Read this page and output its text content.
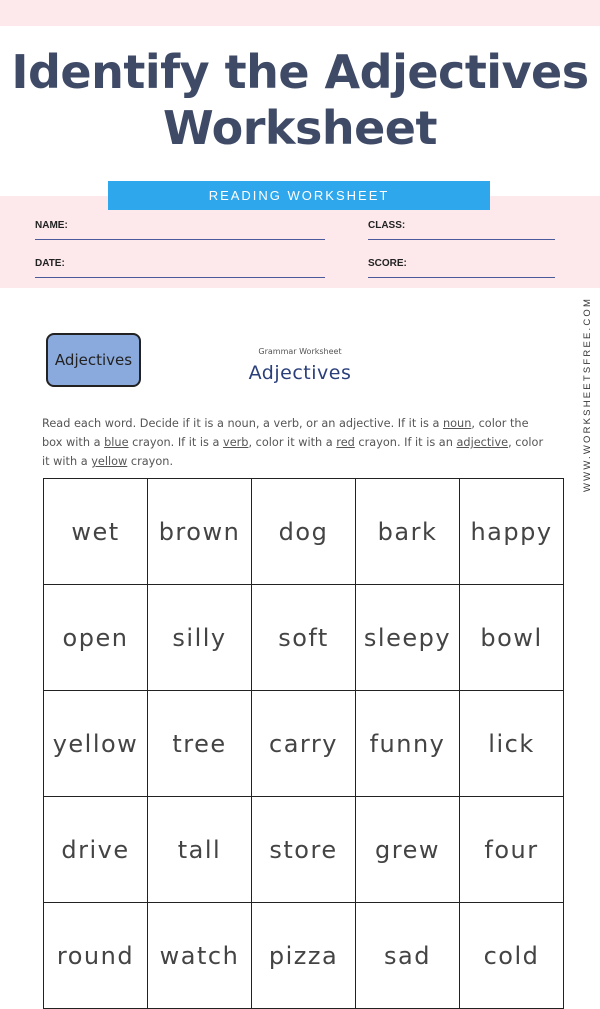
Identify the Adjectives
Worksheet
READING WORKSHEET
NAME:	CLASS:
DATE:	SCORE:
WWW.WORKSHEETSFREE.COM
Adjectives	Grammar Worksheet
Adjectives
Read each word. Decide if it is a noun, a verb, or an adjective. If it is a noun, color the box with a blue crayon. If it is a verb, color it with a red crayon. If it is an adjective, color it with a yellow crayon.
wet	brown	dog	bark	happy
open	silly	soft	sleepy	bowl
yellow	tree	carry	funny	lick
drive	tall	store	grew	four
round	watch	pizza	sad	cold
